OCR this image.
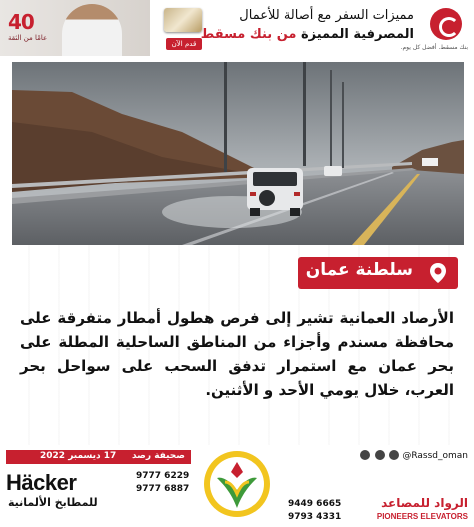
40
عامًا من الثقة
قدم الآن
مميزات السفر مع أصالة للأعمال
المصرفية المميزة من بنك مسقط
بنك مسقط. أفضل كل يوم.
سلطنة عمان
الأرصاد العمانية تشير إلى فرص هطول أمطار متفرقة على محافظة مسندم وأجزاء من المناطق الساحلية المطلة على بحر عمان مع استمرار تدفق السحب على سواحل بحر العرب، خلال يومي الأحد و الأثنين.
17 ديسمبر 2022 صحيفة رصد
Häcker
للمطابخ الألمانية
9777 6229
9777 6887
@Rassd_oman
9449 6665
9793 4331
الرواد للمصاعد
PIONEERS ELEVATORS
